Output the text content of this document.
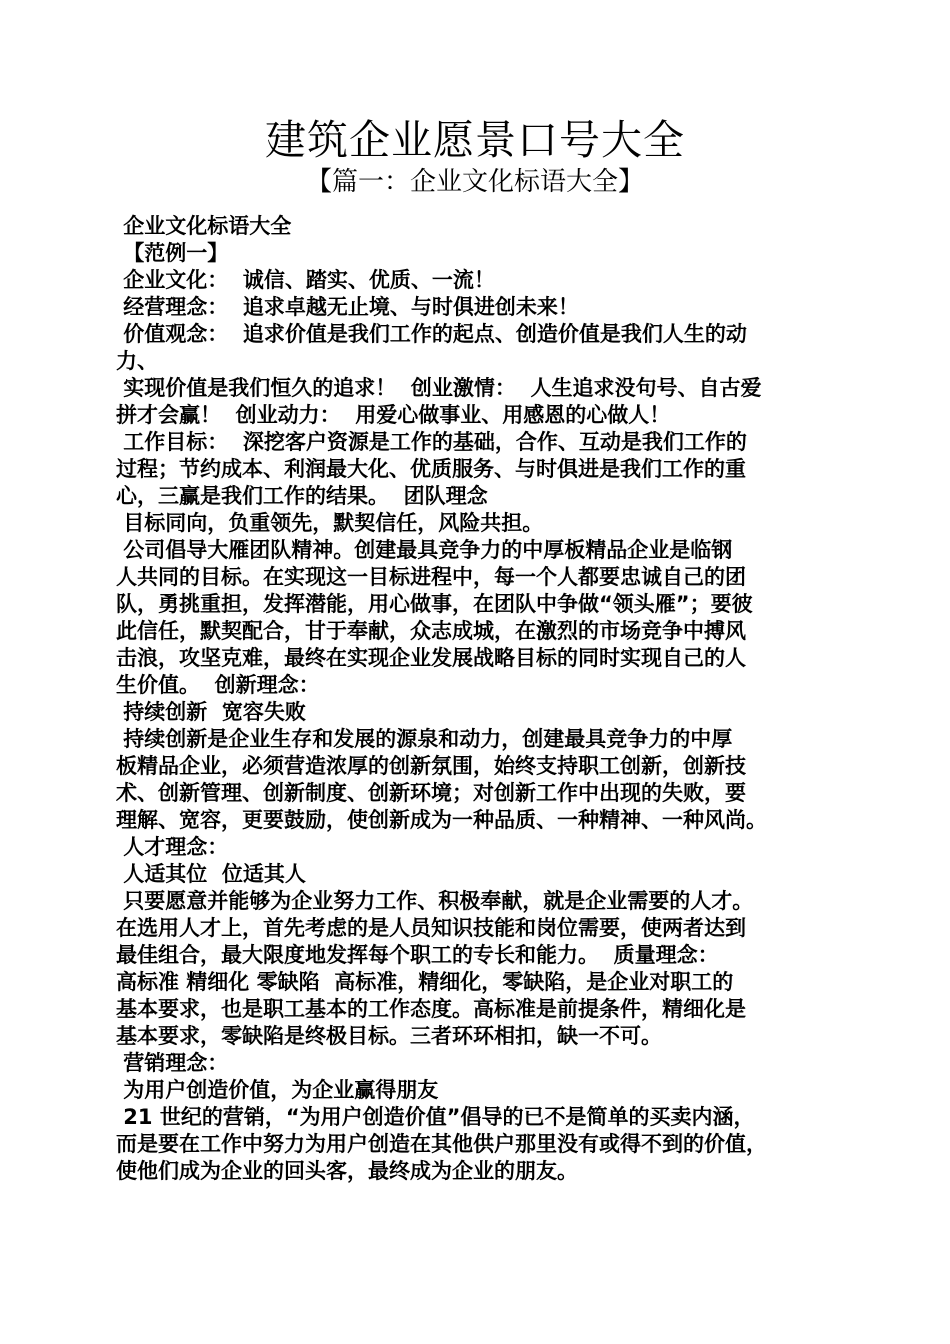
建筑企业愿景口号大全
【篇一：企业文化标语大全】
企业文化标语大全
【范例一】
企业文化：  诚信、踏实、优质、一流！
经营理念：  追求卓越无止境、与时俱进创未来！
价值观念：  追求价值是我们工作的起点、创造价值是我们人生的动
力、
实现价值是我们恒久的追求！  创业激情：  人生追求没句号、自古爱
拼才会赢！  创业动力：  用爱心做事业、用感恩的心做人！
工作目标：  深挖客户资源是工作的基础，合作、互动是我们工作的
过程；节约成本、利润最大化、优质服务、与时俱进是我们工作的重
心，三赢是我们工作的结果。  团队理念
目标同向，负重领先，默契信任，风险共担。
公司倡导大雁团队精神。创建最具竞争力的中厚板精品企业是临钢
人共同的目标。在实现这一目标进程中，每一个人都要忠诚自己的团
队，勇挑重担，发挥潜能，用心做事，在团队中争做“领头雁”；要彼
此信任，默契配合，甘于奉献，众志成城，在激烈的市场竞争中搏风
击浪，攻坚克难，最终在实现企业发展战略目标的同时实现自己的人
生价值。  创新理念：
持续创新  宽容失败
持续创新是企业生存和发展的源泉和动力，创建最具竞争力的中厚
板精品企业，必须营造浓厚的创新氛围，始终支持职工创新，创新技
术、创新管理、创新制度、创新环境；对创新工作中出现的失败，要
理解、宽容，更要鼓励，使创新成为一种品质、一种精神、一种风尚。
人才理念：
人适其位  位适其人
只要愿意并能够为企业努力工作、积极奉献，就是企业需要的人才。
在选用人才上，首先考虑的是人员知识技能和岗位需要，使两者达到
最佳组合，最大限度地发挥每个职工的专长和能力。  质量理念：
高标准 精细化 零缺陷  高标准，精细化，零缺陷，是企业对职工的
基本要求，也是职工基本的工作态度。高标准是前提条件，精细化是
基本要求，零缺陷是终极目标。三者环环相扣，缺一不可。
营销理念：
为用户创造价值，为企业赢得朋友
21 世纪的营销，“为用户创造价值”倡导的已不是简单的买卖内涵，
而是要在工作中努力为用户创造在其他供户那里没有或得不到的价值，
使他们成为企业的回头客，最终成为企业的朋友。
